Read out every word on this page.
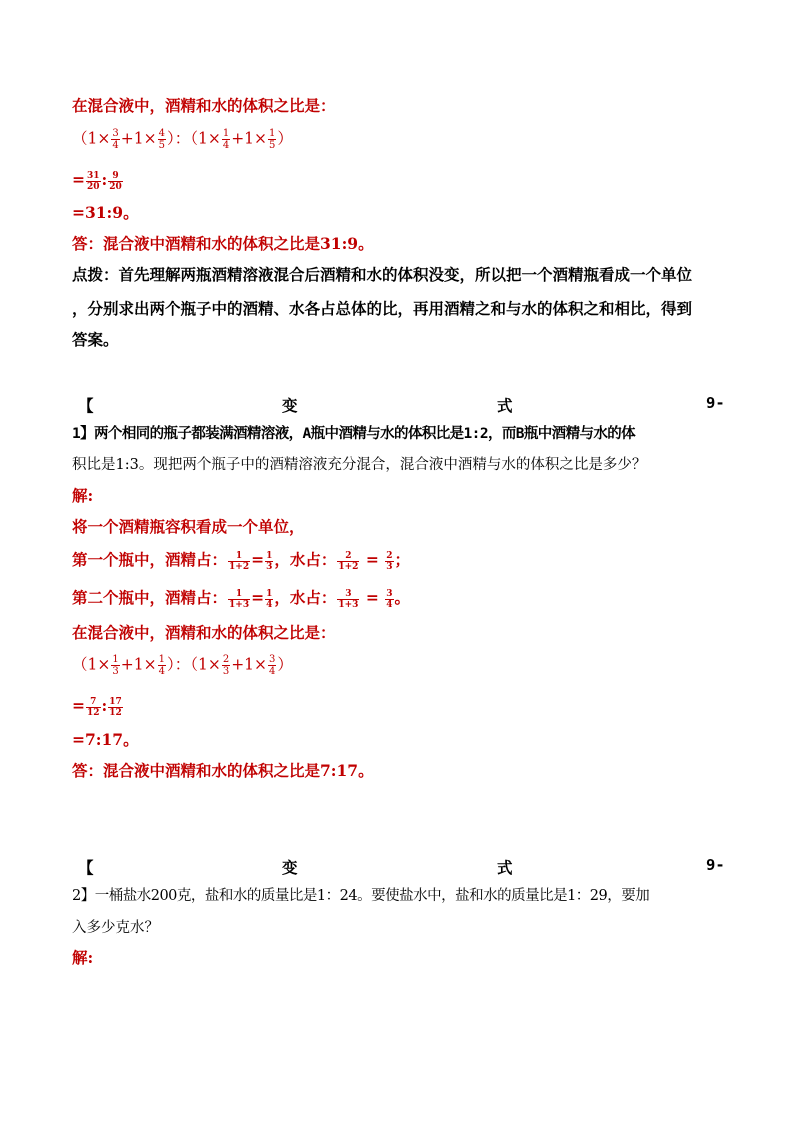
在混合液中，酒精和水的体积之比是：
（$1\times \frac{3}{4} +1\times \frac{4}{5}$ ）：（$1\times \frac{1}{4} +1\times \frac{1}{5}$ ）
= $\frac{31}{20}$ : $\frac{9}{20}$
=31:9。
答：混合液中酒精和水的体积之比是31:9。
点拨：首先理解两瓶酒精溶液混合后酒精和水的体积没变，所以把一个酒精瓶看成一个单位
，分别求出两个瓶子中的酒精、水各占总体的比，再用酒精之和与水的体积之和相比，得到
答案。
【	变	式	9-
1】两个相同的瓶子都装满酒精溶液，A瓶中酒精与水的体积比是1:2，而B瓶中酒精与水的体
积比是1:3。现把两个瓶子中的酒精溶液充分混合，混合液中酒精与水的体积之比是多少？
解:
将一个酒精瓶容积看成一个单位，
第一个瓶中，酒精占： $\frac{1}{1+2} = \frac{1}{3}$ ，水占： $\frac{2}{1+2} = \frac{2}{3}$ ；
第二个瓶中，酒精占： $\frac{1}{1+3} = \frac{1}{4}$ ，水占： $\frac{3}{1+3} = \frac{3}{4}$ 。
在混合液中，酒精和水的体积之比是：
（$1\times \frac{1}{3} +1\times \frac{1}{4}$ ）：（$1\times \frac{2}{3} +1\times \frac{3}{4}$ ）
= $\frac{7}{12}$ : $\frac{17}{12}$
=7:17。
答：混合液中酒精和水的体积之比是7:17。
【	变	式	9-
2】一桶盐水200克，盐和水的质量比是1：24。要使盐水中，盐和水的质量比是1：29，要加
入多少克水？
解:
